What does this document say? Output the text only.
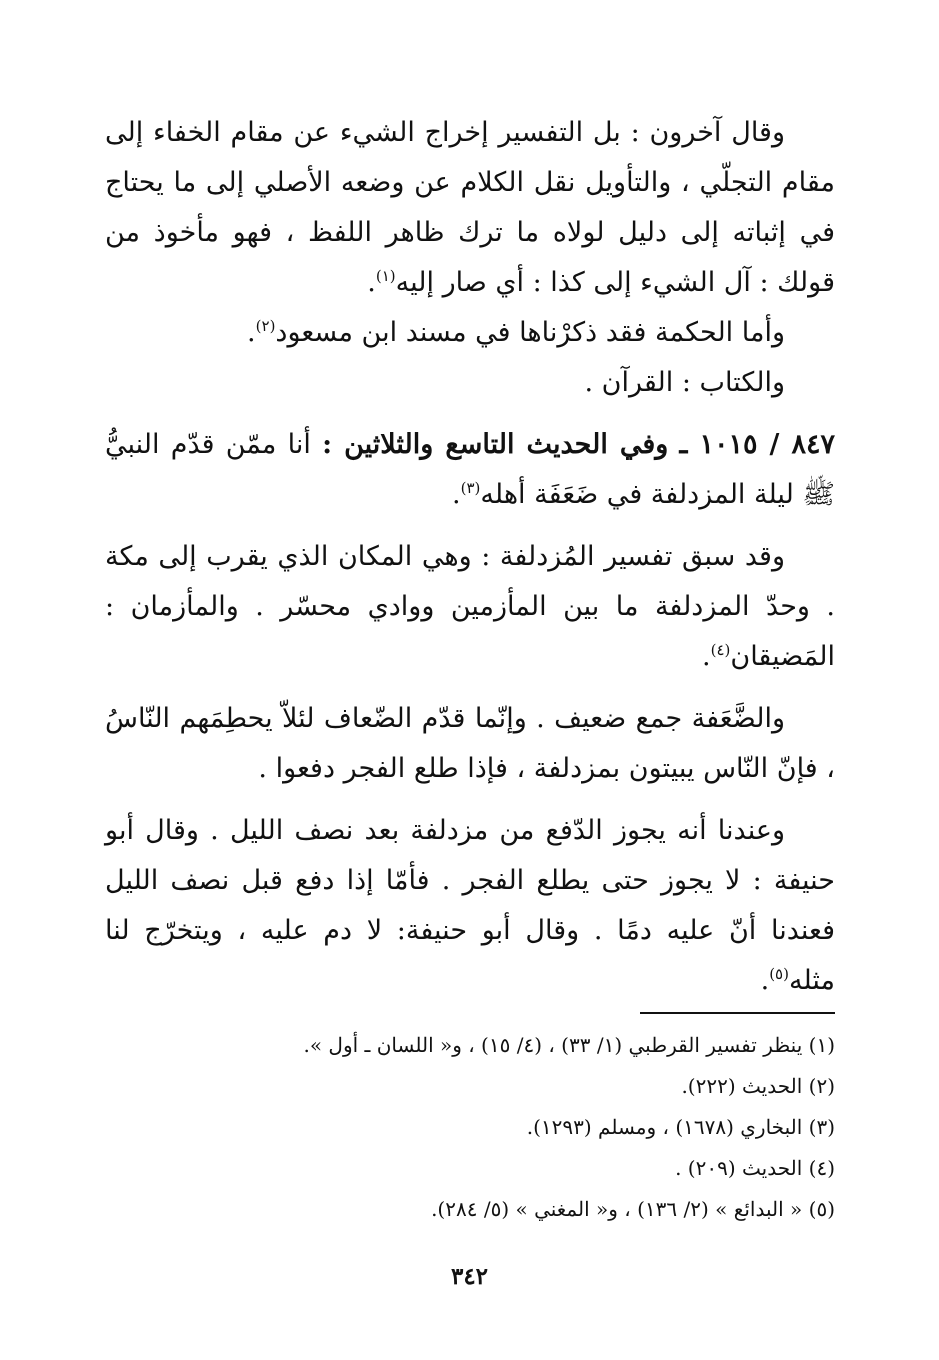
وقال آخرون : بل التفسير إخراج الشيء عن مقام الخفاء إلى مقام التجلّي ، والتأويل نقل الكلام عن وضعه الأصلي إلى ما يحتاج في إثباته إلى دليل لولاه ما ترك ظاهر اللفظ ، فهو مأخوذ من قولك : آل الشيء إلى كذا : أي صار إليه$^{(١)}$.

وأما الحكمة فقد ذكرْناها في مسند ابن مسعود$^{(٢)}$.

والكتاب : القرآن .

٨٤٧ / ١٠١٥ ـ وفي الحديث التاسع والثلاثين : أنا ممّن قدّم النبيُّ ﷺ ليلة المزدلفة في ضَعَفَة أهله$^{(٣)}$.

وقد سبق تفسير المُزدلفة : وهي المكان الذي يقرب إلى مكة . وحدّ المزدلفة ما بين المأزمين ووادي محسّر . والمأزمان : المَضيقان$^{(٤)}$.

والضَّعَفة جمع ضعيف . وإنّما قدّم الضّعاف لئلاّ يحطِمَهم النّاسُ ، فإنّ النّاس يبيتون بمزدلفة ، فإذا طلع الفجر دفعوا .

وعندنا أنه يجوز الدّفع من مزدلفة بعد نصف الليل . وقال أبو حنيفة : لا يجوز حتى يطلع الفجر . فأمّا إذا دفع قبل نصف الليل فعندنا أنّ عليه دمًا . وقال أبو حنيفة: لا دم عليه ، ويتخرّج لنا مثله$^{(٥)}$.

(١) ينظر تفسير القرطبي (١/ ٣٣) ، (٤/ ١٥) ، و« اللسان ـ أول ».

(٢) الحديث (٢٢٢).

(٣) البخاري (١٦٧٨) ، ومسلم (١٢٩٣).

(٤) الحديث (٢٠٩) .

(٥) « البدائع » (٢/ ١٣٦) ، و« المغني » (٥/ ٢٨٤).

٣٤٢
